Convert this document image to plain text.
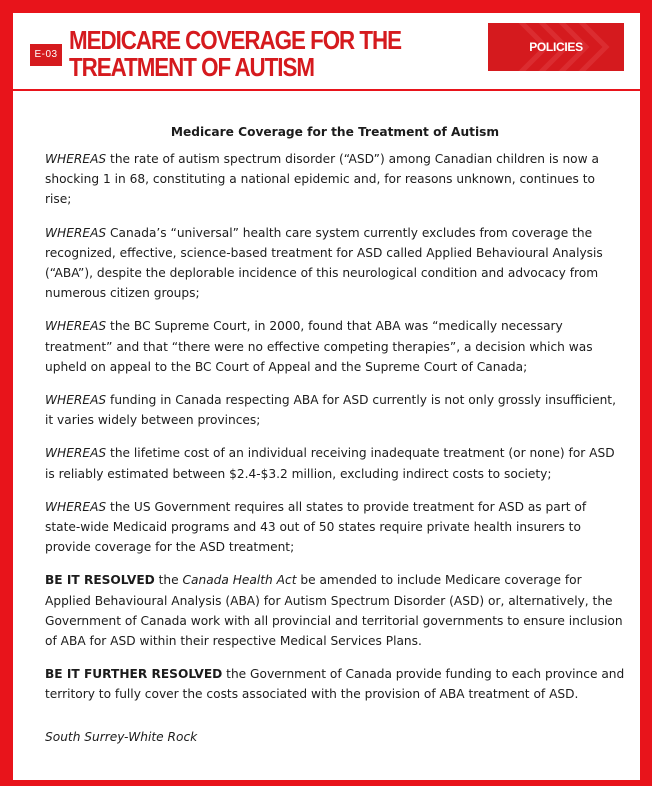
E-03 MEDICARE COVERAGE FOR THE TREATMENT OF AUTISM
POLICIES
Medicare Coverage for the Treatment of Autism

WHEREAS the rate of autism spectrum disorder (“ASD”) among Canadian children is now a shocking 1 in 68, constituting a national epidemic and, for reasons unknown, continues to rise;

WHEREAS Canada’s “universal” health care system currently excludes from coverage the recognized, effective, science-based treatment for ASD called Applied Behavioural Analysis (“ABA”), despite the deplorable incidence of this neurological condition and advocacy from numerous citizen groups;

WHEREAS the BC Supreme Court, in 2000, found that ABA was “medically necessary treatment” and that “there were no effective competing therapies”, a decision which was upheld on appeal to the BC Court of Appeal and the Supreme Court of Canada;

WHEREAS funding in Canada respecting ABA for ASD currently is not only grossly insufficient, it varies widely between provinces;

WHEREAS the lifetime cost of an individual receiving inadequate treatment (or none) for ASD is reliably estimated between $2.4-$3.2 million, excluding indirect costs to society;

WHEREAS the US Government requires all states to provide treatment for ASD as part of state-wide Medicaid programs and 43 out of 50 states require private health insurers to provide coverage for the ASD treatment;

BE IT RESOLVED the Canada Health Act be amended to include Medicare coverage for Applied Behavioural Analysis (ABA) for Autism Spectrum Disorder (ASD) or, alternatively, the Government of Canada work with all provincial and territorial governments to ensure inclusion of ABA for ASD within their respective Medical Services Plans.

BE IT FURTHER RESOLVED the Government of Canada provide funding to each province and territory to fully cover the costs associated with the provision of ABA treatment of ASD.

South Surrey-White Rock
